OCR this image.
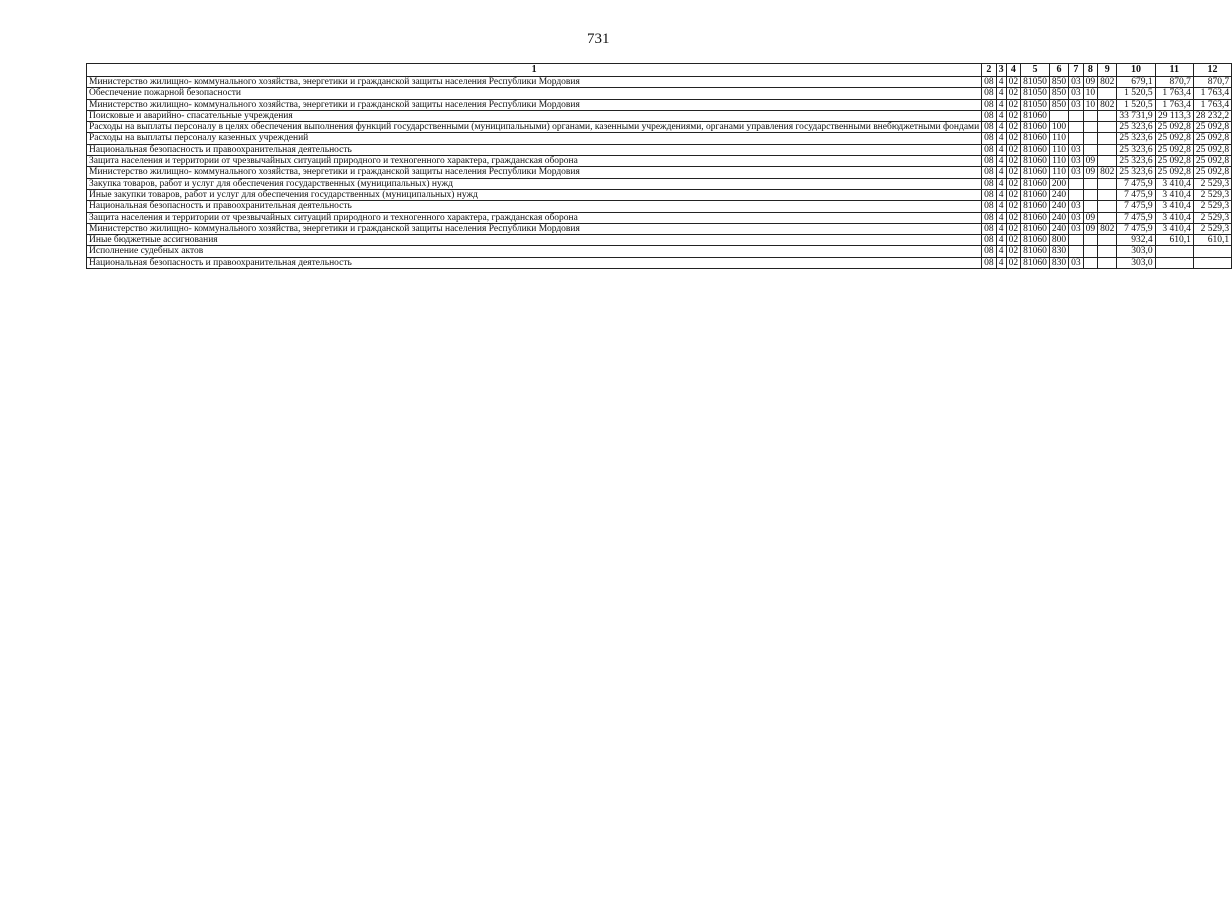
731
1	2	3	4	5	6	7	8	9	10	11	12
Министерство жилищно- коммунального хозяйства, энергетики и гражданской защиты населения Республики Мордовия	08	4	02	81050	850	03	09	802	679,1	870,7	870,7
Обеспечение пожарной безопасности	08	4	02	81050	850	03	10		1 520,5	1 763,4	1 763,4
Министерство жилищно- коммунального хозяйства, энергетики и гражданской защиты населения Республики Мордовия	08	4	02	81050	850	03	10	802	1 520,5	1 763,4	1 763,4
Поисковые и аварийно- спасательные учреждения	08	4	02	81060					33 731,9	29 113,3	28 232,2
Расходы на выплаты персоналу в целях обеспечения выполнения функций государственными (муниципальными) органами, казенными учреждениями, органами управления государственными внебюджетными фондами	08	4	02	81060	100				25 323,6	25 092,8	25 092,8
Расходы на выплаты персоналу казенных учреждений	08	4	02	81060	110				25 323,6	25 092,8	25 092,8
Национальная безопасность и правоохранительная деятельность	08	4	02	81060	110	03			25 323,6	25 092,8	25 092,8
Защита населения и территории от чрезвычайных ситуаций природного и техногенного характера, гражданская оборона	08	4	02	81060	110	03	09		25 323,6	25 092,8	25 092,8
Министерство жилищно- коммунального хозяйства, энергетики и гражданской защиты населения Республики Мордовия	08	4	02	81060	110	03	09	802	25 323,6	25 092,8	25 092,8
Закупка товаров, работ и услуг для обеспечения государственных (муниципальных) нужд	08	4	02	81060	200				7 475,9	3 410,4	2 529,3
Иные закупки товаров, работ и услуг для обеспечения государственных (муниципальных) нужд	08	4	02	81060	240				7 475,9	3 410,4	2 529,3
Национальная безопасность и правоохранительная деятельность	08	4	02	81060	240	03			7 475,9	3 410,4	2 529,3
Защита населения и территории от чрезвычайных ситуаций природного и техногенного характера, гражданская оборона	08	4	02	81060	240	03	09		7 475,9	3 410,4	2 529,3
Министерство жилищно- коммунального хозяйства, энергетики и гражданской защиты населения Республики Мордовия	08	4	02	81060	240	03	09	802	7 475,9	3 410,4	2 529,3
Иные бюджетные ассигнования	08	4	02	81060	800				932,4	610,1	610,1
Исполнение судебных актов	08	4	02	81060	830				303,0		
Национальная безопасность и правоохранительная деятельность	08	4	02	81060	830	03			303,0		
